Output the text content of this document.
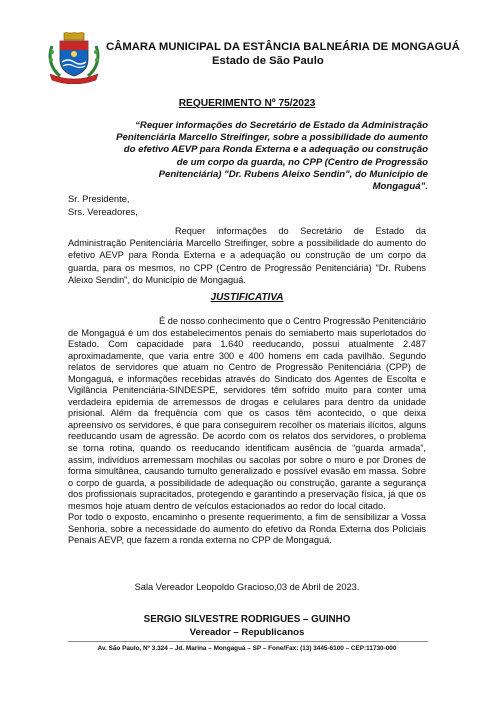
CÂMARA MUNICIPAL DA ESTÂNCIA BALNEÁRIA DE MONGAGUÁ
Estado de São Paulo
REQUERIMENTO Nº 75/2023
“Requer informações do Secretário de Estado da Administração Penitenciária Marcello Streifinger, sobre a possibilidade do aumento do efetivo AEVP para Ronda Externa e a adequação ou construção de um corpo da guarda, no CPP (Centro de Progressão Penitenciária) "Dr. Rubens Aleixo Sendin", do Município de Mongaguá”.
Sr. Presidente,
Srs. Vereadores,
Requer informações do Secretário de Estado da Administração Penitenciária Marcello Streifinger, sobre a possibilidade do aumento do efetivo AEVP para Ronda Externa e a adequação ou construção de um corpo da guarda, para os mesmos, no CPP (Centro de Progressão Penitenciária) "Dr. Rubens Aleixo Sendin", do Município de Mongaguá.
JUSTIFICATIVA

É de nosso conhecimento que o Centro Progressão Penitenciário de Mongaguá é um dos estabelecimentos penais do semiaberto mais superlotados do Estado. Com capacidade para 1.640 reeducando, possui atualmente 2.487 aproximadamente, que varia entre 300 e 400 homens em cada pavilhão. Segundo relatos de servidores que atuam no Centro de Progressão Penitenciária (CPP) de Mongaguá, e informações recebidas através do Sindicato dos Agentes de Escolta e Vigilância Penitenciária-SINDESPE, servidores têm sofrido muito para conter uma verdadeira epidemia de arremessos de drogas e celulares para dentro da unidade prisional. Além da frequência com que os casos têm acontecido, o que deixa apreensivo os servidores, é que para conseguirem recolher os materiais ilícitos, alguns reeducando usam de agressão. De acordo com os relatos dos servidores, o problema se torna rotina, quando os reeducando identificam ausência de “guarda armada”, assim, indivíduos arremessam mochilas ou sacolas por sobre o muro e por Drones de forma simultânea, causando tumulto generalizado e possível evasão em massa. Sobre o corpo de guarda, a possibilidade de adequação ou construção, garante a segurança dos profissionais supracitados, protegendo e garantindo a preservação física, já que os mesmos hoje atuam dentro de veículos estacionados ao redor do local citado.

Por todo o exposto, encaminho o presente requerimento, a fim de sensibilizar a Vossa Senhoria, sobre a necessidade do aumento do efetivo da Ronda Externa dos Policiais Penais AEVP, que fazem a ronda externa no CPP de Mongaguá.

Sala Vereador Leopoldo Gracioso,03 de Abril de 2023.
SERGIO SILVESTRE RODRIGUES – GUINHO
Vereador – Republicanos
Av. São Paulo, Nº 3.324 – Jd. Marina – Mongaguá – SP – Fone/Fax: (13) 3445-6100 – CEP:11730-000
